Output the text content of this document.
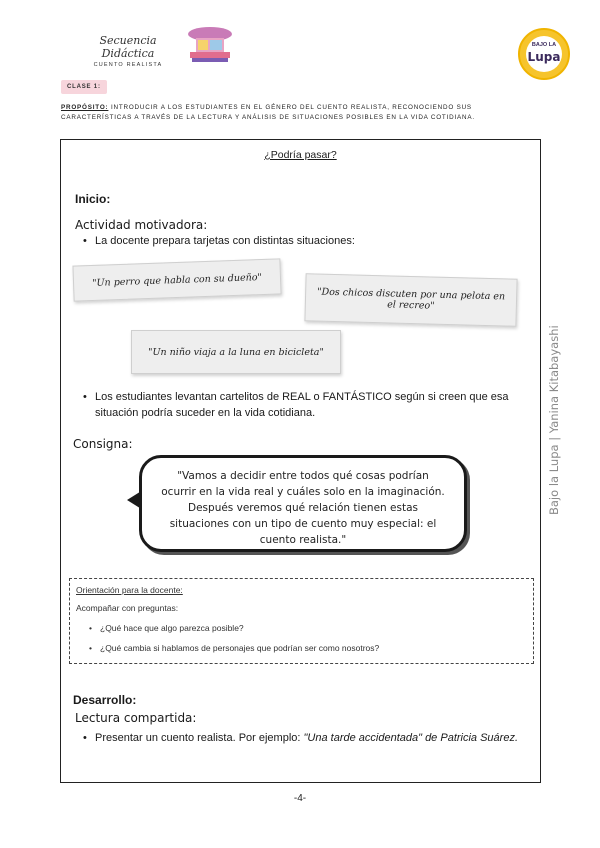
Secuencia Didáctica
CUENTO REALISTA
BAJO LA
Lupa
CLASE 1:
PROPÓSITO: INTRODUCIR A LOS ESTUDIANTES EN EL GÉNERO DEL CUENTO REALISTA, RECONOCIENDO SUS CARACTERÍSTICAS A TRAVÉS DE LA LECTURA Y ANÁLISIS DE SITUACIONES POSIBLES EN LA VIDA COTIDIANA.
Bajo la Lupa | Yanina Kitabayashi
¿Podría pasar?
Inicio:
Actividad motivadora:
• La docente prepara tarjetas con distintas situaciones:
"Un perro que habla con su dueño"
"Dos chicos discuten por una pelota en el recreo"
"Un niño viaja a la luna en bicicleta"
• Los estudiantes levantan cartelitos de REAL o FANTÁSTICO según si creen que esa situación podría suceder en la vida cotidiana.
Consigna:
"Vamos a decidir entre todos qué cosas podrían ocurrir en la vida real y cuáles solo en la imaginación. Después veremos qué relación tienen estas situaciones con un tipo de cuento muy especial: el cuento realista."
Orientación para la docente:
Acompañar con preguntas:
• ¿Qué hace que algo parezca posible?
• ¿Qué cambia si hablamos de personajes que podrían ser como nosotros?
Desarrollo:
Lectura compartida:
• Presentar un cuento realista. Por ejemplo: "Una tarde accidentada" de Patricia Suárez.
-4-
